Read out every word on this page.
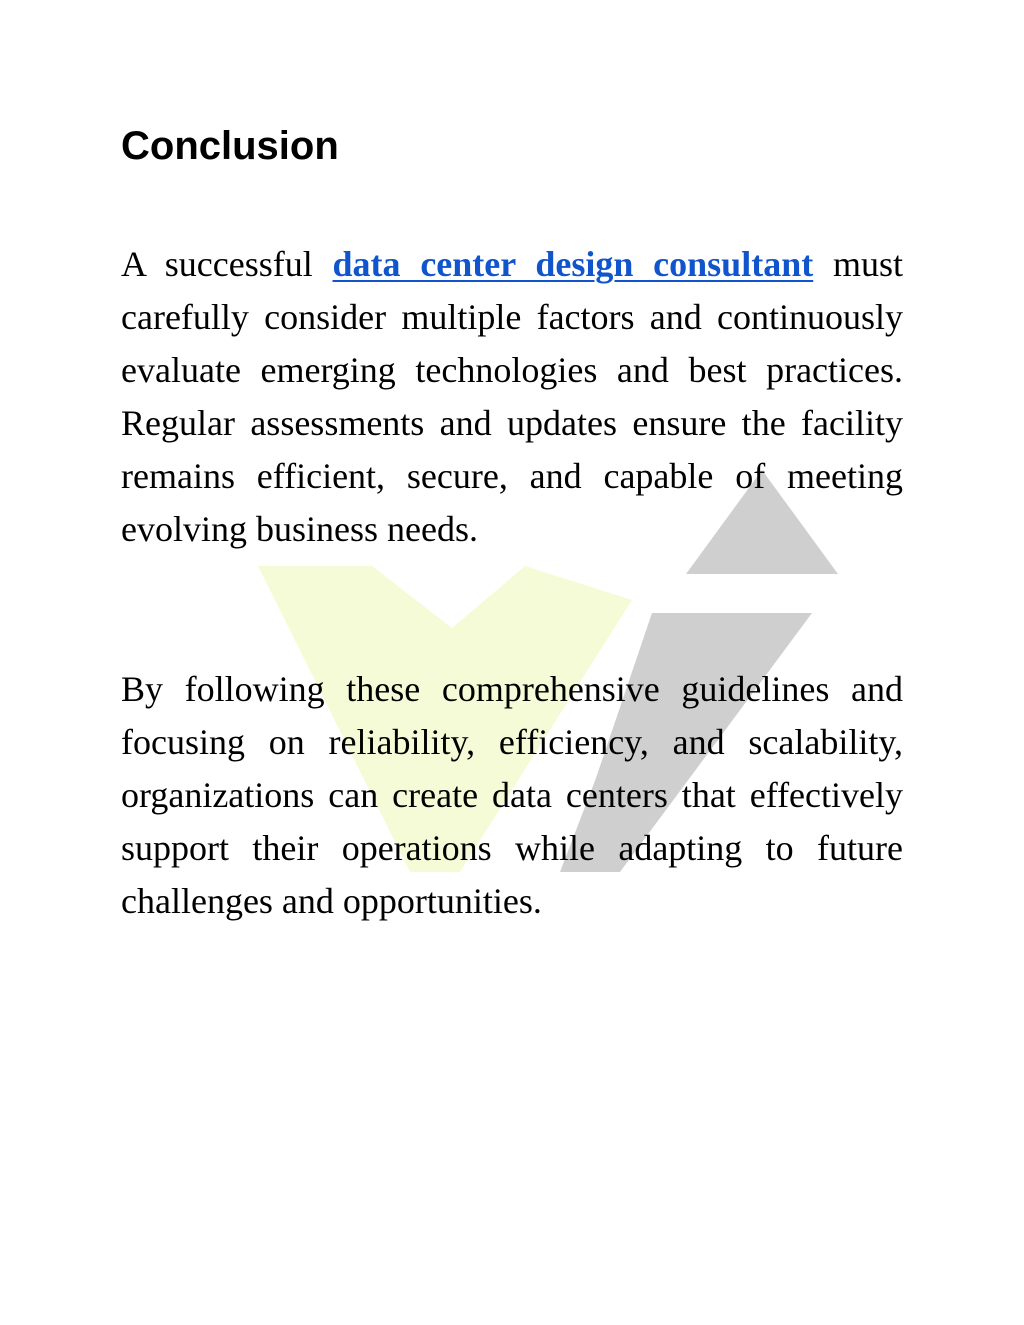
Conclusion

A successful data center design consultant must carefully consider multiple factors and continuously evaluate emerging technologies and best practices. Regular assessments and updates ensure the facility remains efficient, secure, and capable of meeting evolving business needs.

By following these comprehensive guidelines and focusing on reliability, efficiency, and scalability, organizations can create data centers that effectively support their operations while adapting to future challenges and opportunities.
